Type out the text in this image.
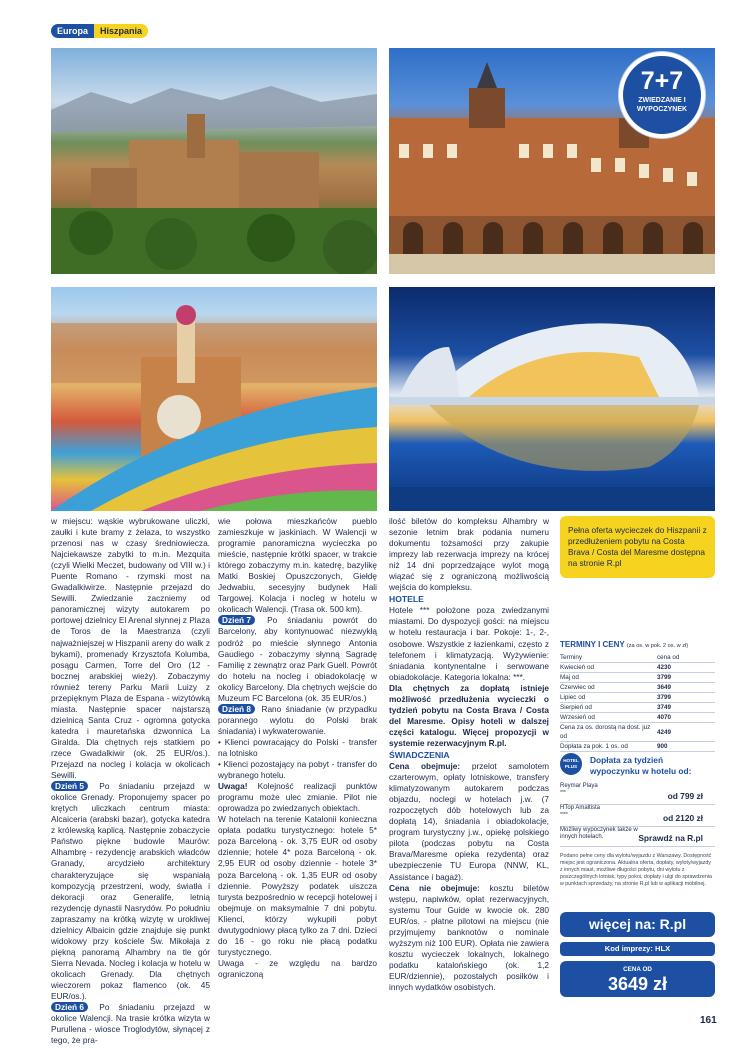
Europa	Hiszpania
7+7
ZWIEDZANIE I WYPOCZYNEK

w miejscu: wąskie wybrukowane uliczki, zaułki i kute bramy z żelaza, to wszystko przenosi nas w czasy średniowiecza. Najciekawsze zabytki to m.in. Mezquita (czyli Wielki Meczet, budowany od VIII w.) i Puente Romano - rzymski most na Gwadalkiwirze. Następnie przejazd do Sewilli. Zwiedzanie zaczniemy od panoramicznej wizyty autokarem po portowej dzielnicy El Arenal słynnej z Plaza de Toros de la Maestranza (czyli najważniejszej w Hiszpanii areny do walk z bykami), promenady Krzysztofa Kolumba, posągu Carmen, Torre del Oro (12 - bocznej arabskiej wieży). Zobaczymy również tereny Parku Marii Luizy z przepięknym Plaza de Espana - wizytówką miasta. Następnie spacer najstarszą dzielnicą Santa Cruz - ogromna gotycka katedra i mauretańska dzwonnica La Giralda. Dla chętnych rejs statkiem po rzece Gwadalkiwir (ok. 25 EUR/os.). Przejazd na nocleg i kolacja w okolicach Sewilli.

Dzień 5 Po śniadaniu przejazd w okolice Grenady. Proponujemy spacer po krętych uliczkach centrum miasta: Alcaiceria (arabski bazar), gotycka katedra z królewską kaplicą. Następnie zobaczycie Państwo piękne budowle Maurów: Alhambrę - rezydencję arabskich władców Granady, arcydzieło architektury charakteryzujące się wspaniałą kompozycją przestrzeni, wody, światła i dekoracji oraz Generalife, letnią rezydencję dynastii Nasrydów. Po południu zapraszamy na krótką wizytę w urokliwej dzielnicy Albaicin gdzie znajduje się punkt widokowy przy kościele Św. Mikołaja z piękną panoramą Alhambry na tle gór Sierra Nevada. Nocleg i kolacja w hotelu w okolicach Grenady. Dla chętnych wieczorem pokaz flamenco (ok. 45 EUR/os.).

Dzień 6 Po śniadaniu przejazd w okolice Walencji. Na trasie krótka wizyta w Purullena - wiosce Troglodytów, słynącej z tego, że pra-

wie połowa mieszkańców pueblo zamieszkuje w jaskiniach. W Walencji w programie panoramiczna wycieczka po mieście, następnie krótki spacer, w trakcie którego zobaczymy m.in. katedrę, bazylikę Matki Boskiej Opuszczonych, Giełdę Jedwabiu, secesyjny budynek Hali Targowej. Kolacja i nocleg w hotelu w okolicach Walencji. (Trasa ok. 500 km).

Dzień 7 Po śniadaniu powrót do Barcelony, aby kontynuować niezwykłą podróż po mieście słynnego Antonia Gaudiego - zobaczymy słynną Sagradę Familię z zewnątrz oraz Park Guell. Powrót do hotelu na nocleg i obiadokolację w okolicy Barcelony. Dla chętnych wejście do Muzeum FC Barcelona (ok. 35 EUR/os.)

Dzień 8 Rano śniadanie (w przypadku porannego wylotu do Polski brak śniadania) i wykwaterowanie.

• Klienci powracający do Polski - transfer na lotnisko

• Klienci pozostający na pobyt - transfer do wybranego hotelu.

Uwaga! Kolejność realizacji punktów programu może ulec zmianie. Pilot nie oprowadza po zwiedzanych obiektach.

W hotelach na terenie Katalonii konieczna opłata podatku turystycznego: hotele 5* poza Barceloną - ok. 3,75 EUR od osoby dziennie; hotele 4* poza Barceloną - ok. 2,95 EUR od osoby dziennie - hotele 3* poza Barceloną - ok. 1,35 EUR od osoby dziennie. Powyższy podatek uiszcza turysta bezpośrednio w recepcji hotelowej i obejmuje on maksymalnie 7 dni pobytu. Klienci, którzy wykupili pobyt dwutygodniowy płacą tylko za 7 dni. Dzieci do 16 - go roku nie płacą podatku turystycznego.

Uwaga - ze względu na bardzo ograniczoną

ilość biletów do kompleksu Alhambry w sezonie letnim brak podania numeru dokumentu tożsamości przy zakupie imprezy lab rezerwacja imprezy na krócej niż 14 dni poprzedzające wylot mogą wiązać się z ograniczoną możliwością wejścia do kompleksu.

HOTELE

Hotele *** położone poza zwiedzanymi miastami. Do dyspozycji gości: na miejscu w hotelu restauracja i bar. Pokoje: 1-, 2-, osobowe. Wszystkie z łazienkami, często z telefonem i klimatyzacją. Wyżywienie: śniadania kontynentalne i serwowane obiadokolacje. Kategoria lokalna: ***.

Dla chętnych za dopłatą istnieje możliwość przedłużenia wycieczki o tydzień pobytu na Costa Brava / Costa del Maresme. Opisy hoteli w dalszej części katalogu. Więcej propozycji w systemie rezerwacyjnym R.pl.

ŚWIADCZENIA

Cena obejmuje: przelot samolotem czarterowym, opłaty lotniskowe, transfery klimatyzowanym autokarem podczas objazdu, noclegi w hotelach j.w. (7 rozpoczętych dób hotelowych lub za dopłatą 14), śniadania i obiadokolacje, program turystyczny j.w., opiekę polskiego pilota (podczas pobytu na Costa Brava/Maresme opieka rezydenta) oraz ubezpieczenie TU Europa (NNW, KL, Assistance i bagaż).

Cena nie obejmuje: kosztu biletów wstępu, napiwków, opłat rezerwacyjnych, systemu Tour Guide w kwocie ok. 280 EUR/os. - płatne pilotowi na miejscu (nie przyjmujemy banknotów o nominale wyższym niż 100 EUR). Opłata nie zawiera kosztu wycieczek lokalnych, lokalnego podatku katalońskiego (ok. 1,2 EUR/dziennie), pozostałych posiłków i innych wydatków osobistych.

Pełna oferta wycieczek do Hiszpanii z przedłużeniem pobytu na Costa Brava / Costa del Maresme dostępna na stronie R.pl
TERMINY I CENY (za os. w pok. 2 os. w zł)
Terminy	cena od
Kwiecień od	4230
Maj od	3799
Czerwiec od	3649
Lipiec od	3799
Sierpień od	3749
Wrzesień od	4070
Cena za os. dorostą na dost. juz od	4249
Dopłata za pok. 1 os. od	900
HOTEL PLUS
Dopłata za tydzień wypoczynku w hotelu od:
Reymar Playa
***	od 799 zł
HTop Amaltista
****	od 2120 zł
Możliwy wypoczynek także w innych hotelach.	Sprawdź na R.pl
Podano pełne ceny dla wylotu/wyjazdu z Warszawy. Dostępność miejsc jest ograniczona. Aktualna oferta, dopłaty, wyloty/wyjazdy z innych miast, możliwe długości pobytu, dni wylotu z poszczególnych lotnisk, typy pokoi, dopłaty i ulgi do sprawdzenia w punktach sprzedaży, na stronie R.pl lub w aplikacji mobilnej.
więcej na: R.pl
Kod imprezy: HLX
CENA OD
3649 zł
161
